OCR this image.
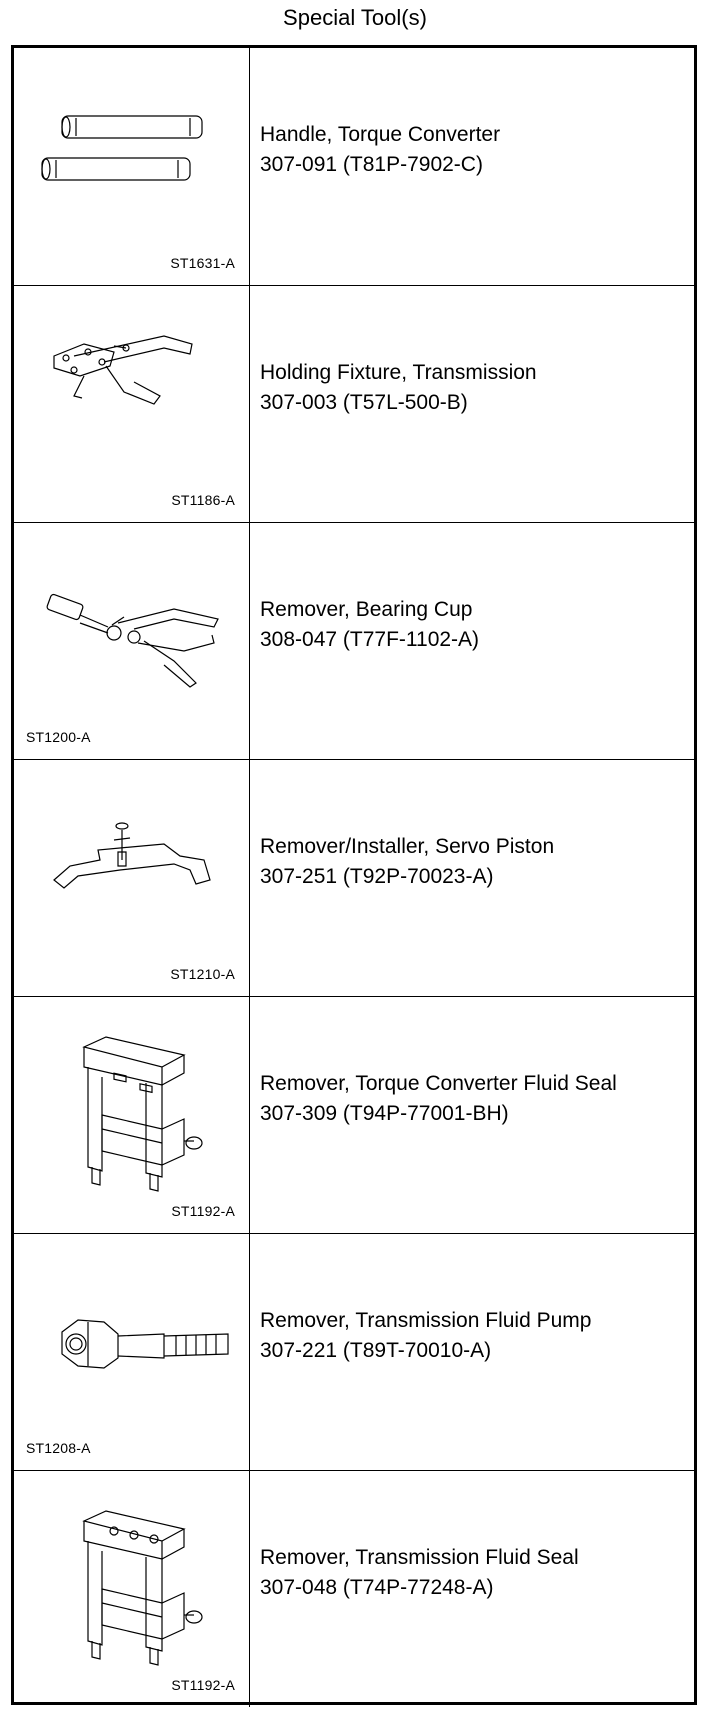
Special Tool(s)
ST1631-A
Handle, Torque Converter
307-091 (T81P-7902-C)
ST1186-A
Holding Fixture, Transmission
307-003 (T57L-500-B)
ST1200-A
Remover, Bearing Cup
308-047 (T77F-1102-A)
ST1210-A
Remover/Installer, Servo Piston
307-251 (T92P-70023-A)
ST1192-A
Remover, Torque Converter Fluid Seal
307-309 (T94P-77001-BH)
ST1208-A
Remover, Transmission Fluid Pump
307-221 (T89T-70010-A)
ST1192-A
Remover, Transmission Fluid Seal
307-048 (T74P-77248-A)
